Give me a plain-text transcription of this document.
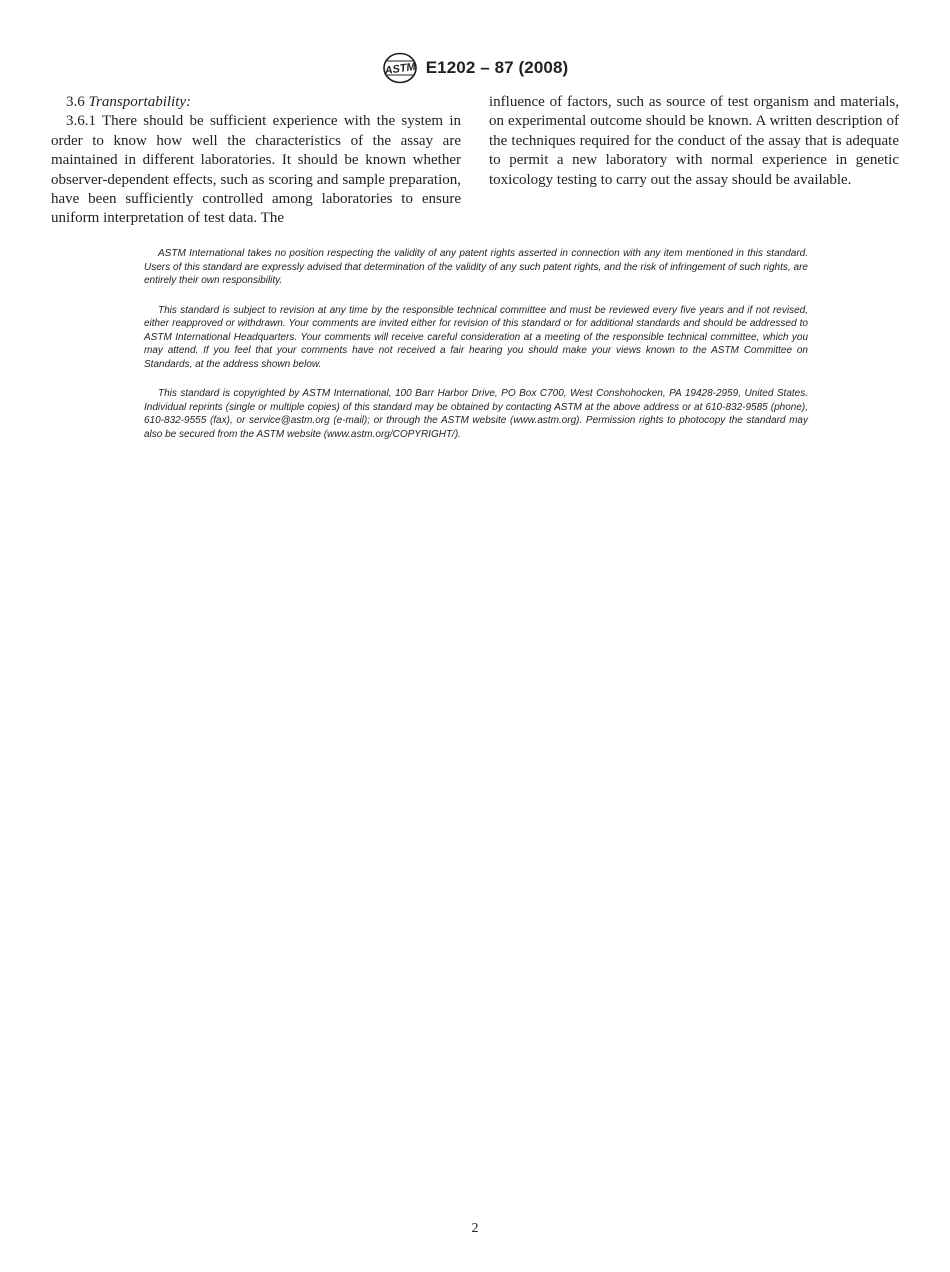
ASTM E1202 – 87 (2008)

3.6 Transportability:

3.6.1 There should be sufficient experience with the system in order to know how well the characteristics of the assay are maintained in different laboratories. It should be known whether observer-dependent effects, such as scoring and sample preparation, have been sufficiently controlled among laboratories to ensure uniform interpretation of test data. The

influence of factors, such as source of test organism and materials, on experimental outcome should be known. A written description of the techniques required for the conduct of the assay that is adequate to permit a new laboratory with normal experience in genetic toxicology testing to carry out the assay should be available.

ASTM International takes no position respecting the validity of any patent rights asserted in connection with any item mentioned in this standard. Users of this standard are expressly advised that determination of the validity of any such patent rights, and the risk of infringement of such rights, are entirely their own responsibility.

This standard is subject to revision at any time by the responsible technical committee and must be reviewed every five years and if not revised, either reapproved or withdrawn. Your comments are invited either for revision of this standard or for additional standards and should be addressed to ASTM International Headquarters. Your comments will receive careful consideration at a meeting of the responsible technical committee, which you may attend. If you feel that your comments have not received a fair hearing you should make your views known to the ASTM Committee on Standards, at the address shown below.

This standard is copyrighted by ASTM International, 100 Barr Harbor Drive, PO Box C700, West Conshohocken, PA 19428-2959, United States. Individual reprints (single or multiple copies) of this standard may be obtained by contacting ASTM at the above address or at 610-832-9585 (phone), 610-832-9555 (fax), or service@astm.org (e-mail); or through the ASTM website (www.astm.org). Permission rights to photocopy the standard may also be secured from the ASTM website (www.astm.org/COPYRIGHT/).

2
